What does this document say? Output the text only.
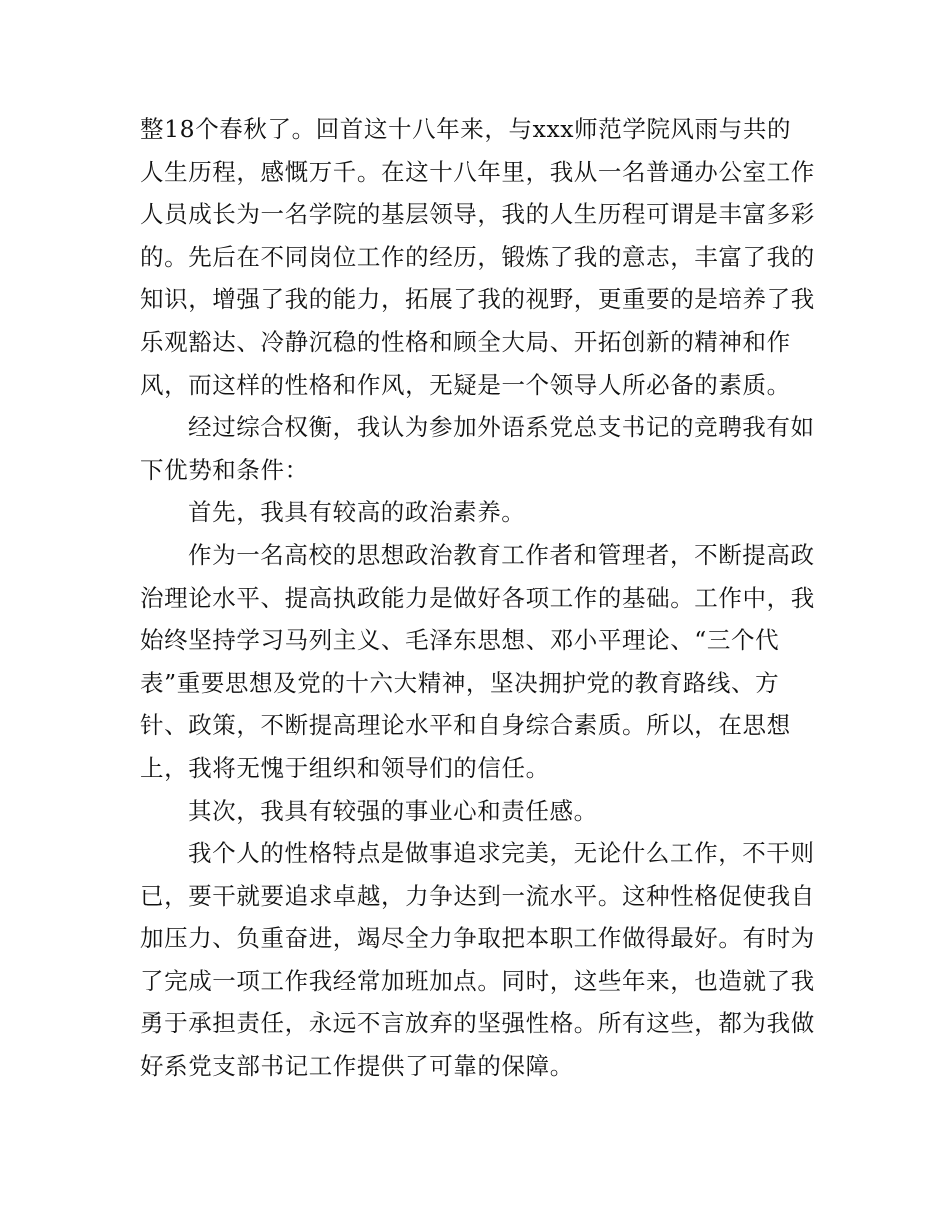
整18个春秋了。回首这十八年来，与xxx师范学院风雨与共的人生历程，感慨万千。在这十八年里，我从一名普通办公室工作人员成长为一名学院的基层领导，我的人生历程可谓是丰富多彩的。先后在不同岗位工作的经历，锻炼了我的意志，丰富了我的知识，增强了我的能力，拓展了我的视野，更重要的是培养了我乐观豁达、冷静沉稳的性格和顾全大局、开拓创新的精神和作风，而这样的性格和作风，无疑是一个领导人所必备的素质。

经过综合权衡，我认为参加外语系党总支书记的竞聘我有如下优势和条件：

首先，我具有较高的政治素养。

作为一名高校的思想政治教育工作者和管理者，不断提高政治理论水平、提高执政能力是做好各项工作的基础。工作中，我始终坚持学习马列主义、毛泽东思想、邓小平理论、“三个代表”重要思想及党的十六大精神，坚决拥护党的教育路线、方针、政策，不断提高理论水平和自身综合素质。所以，在思想上，我将无愧于组织和领导们的信任。

其次，我具有较强的事业心和责任感。

我个人的性格特点是做事追求完美，无论什么工作，不干则已，要干就要追求卓越，力争达到一流水平。这种性格促使我自加压力、负重奋进，竭尽全力争取把本职工作做得最好。有时为了完成一项工作我经常加班加点。同时，这些年来，也造就了我勇于承担责任，永远不言放弃的坚强性格。所有这些，都为我做好系党支部书记工作提供了可靠的保障。
